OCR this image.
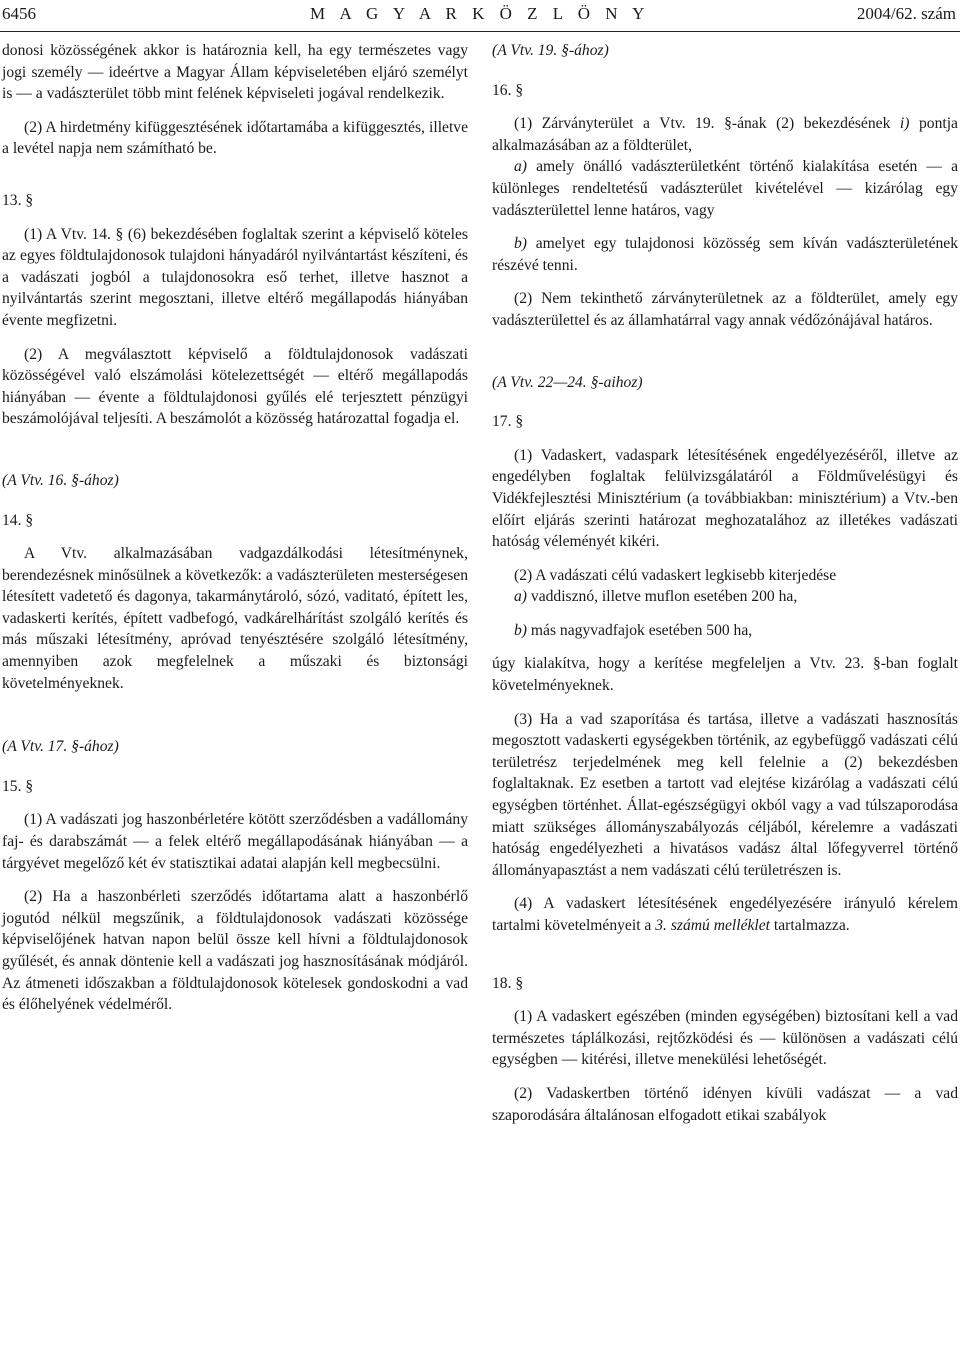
6456	M A G Y A R K Ö Z L Ö N Y	2004/62. szám

donosi közösségének akkor is határoznia kell, ha egy természetes vagy jogi személy — ideértve a Magyar Állam képviseletében eljáró személyt is — a vadászterület több mint felének képviseleti jogával rendelkezik.

(2) A hirdetmény kifüggesztésének időtartamába a kifüggesztés, illetve a levétel napja nem számítható be.

13. §

(1) A Vtv. 14. § (6) bekezdésében foglaltak szerint a képviselő köteles az egyes földtulajdonosok tulajdoni hányadáról nyilvántartást készíteni, és a vadászati jogból a tulajdonosokra eső terhet, illetve hasznot a nyilvántartás szerint megosztani, illetve eltérő megállapodás hiányában évente megfizetni.

(2) A megválasztott képviselő a földtulajdonosok vadászati közösségével való elszámolási kötelezettségét — eltérő megállapodás hiányában — évente a földtulajdonosi gyűlés elé terjesztett pénzügyi beszámolójával teljesíti. A beszámolót a közösség határozattal fogadja el.

(A Vtv. 16. §-ához)

14. §

A Vtv. alkalmazásában vadgazdálkodási létesítménynek, berendezésnek minősülnek a következők: a vadászterületen mesterségesen létesített vadetető és dagonya, takarmánytároló, sózó, vaditató, épített les, vadaskerti kerítés, épített vadbefogó, vadkárelhárítást szolgáló kerítés és más műszaki létesítmény, apróvad tenyésztésére szolgáló létesítmény, amennyiben azok megfelelnek a műszaki és biztonsági követelményeknek.

(A Vtv. 17. §-ához)

15. §

(1) A vadászati jog haszonbérletére kötött szerződésben a vadállomány faj- és darabszámát — a felek eltérő megállapodásának hiányában — a tárgyévet megelőző két év statisztikai adatai alapján kell megbecsülni.

(2) Ha a haszonbérleti szerződés időtartama alatt a haszonbérlő jogutód nélkül megszűnik, a földtulajdonosok vadászati közössége képviselőjének hatvan napon belül össze kell hívni a földtulajdonosok gyűlését, és annak döntenie kell a vadászati jog hasznosításának módjáról. Az átmeneti időszakban a földtulajdonosok kötelesek gondoskodni a vad és élőhelyének védelméről.

(A Vtv. 19. §-ához)

16. §

(1) Zárványterület a Vtv. 19. §-ának (2) bekezdésének i) pontja alkalmazásában az a földterület,

a) amely önálló vadászterületként történő kialakítása esetén — a különleges rendeltetésű vadászterület kivételével — kizárólag egy vadászterülettel lenne határos, vagy

b) amelyet egy tulajdonosi közösség sem kíván vadászterületének részévé tenni.

(2) Nem tekinthető zárványterületnek az a földterület, amely egy vadászterülettel és az államhatárral vagy annak védőzónájával határos.

(A Vtv. 22—24. §-aihoz)

17. §

(1) Vadaskert, vadaspark létesítésének engedélyezéséről, illetve az engedélyben foglaltak felülvizsgálatáról a Földművelésügyi és Vidékfejlesztési Minisztérium (a továbbiakban: minisztérium) a Vtv.-ben előírt eljárás szerinti határozat meghozatalához az illetékes vadászati hatóság véleményét kikéri.

(2) A vadászati célú vadaskert legkisebb kiterjedése

a) vaddisznó, illetve muflon esetében 200 ha,

b) más nagyvadfajok esetében 500 ha,

úgy kialakítva, hogy a kerítése megfeleljen a Vtv. 23. §-ban foglalt követelményeknek.

(3) Ha a vad szaporítása és tartása, illetve a vadászati hasznosítás megosztott vadaskerti egységekben történik, az egybefüggő vadászati célú területrész terjedelmének meg kell felelnie a (2) bekezdésben foglaltaknak. Ez esetben a tartott vad elejtése kizárólag a vadászati célú egységben történhet. Állat-egészségügyi okból vagy a vad túlszaporodása miatt szükséges állományszabályozás céljából, kérelemre a vadászati hatóság engedélyezheti a hivatásos vadász által lőfegyverrel történő állományapasztást a nem vadászati célú területrészen is.

(4) A vadaskert létesítésének engedélyezésére irányuló kérelem tartalmi követelményeit a 3. számú melléklet tartalmazza.

18. §

(1) A vadaskert egészében (minden egységében) biztosítani kell a vad természetes táplálkozási, rejtőzködési és — különösen a vadászati célú egységben — kitérési, illetve menekülési lehetőségét.

(2) Vadaskertben történő idényen kívüli vadászat — a vad szaporodására általánosan elfogadott etikai szabályok
